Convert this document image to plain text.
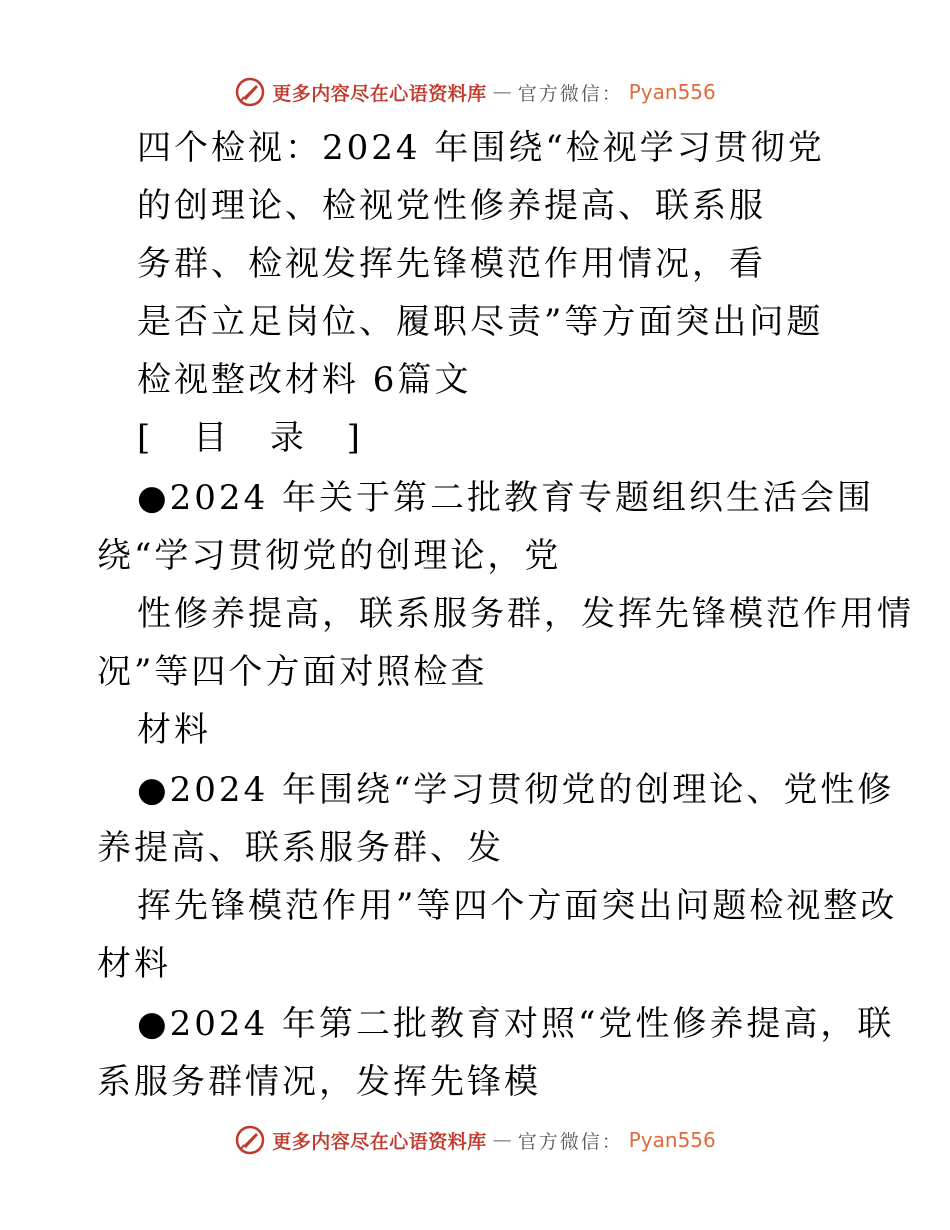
更多内容尽在心语资料库 — 官方微信： Pyan556
四个检视：2024 年围绕“检视学习贯彻党
的创理论、检视党性修养提高、联系服
务群、检视发挥先锋模范作用情况，看
是否立足岗位、履职尽责”等方面突出问题
检视整改材料 6篇文
[ 目 录 ]
●2024 年关于第二批教育专题组织生活会围
绕“学习贯彻党的创理论，党
性修养提高，联系服务群，发挥先锋模范作用情
况”等四个方面对照检查
材料
●2024 年围绕“学习贯彻党的创理论、党性修
养提高、联系服务群、发
挥先锋模范作用”等四个方面突出问题检视整改
材料
●2024 年第二批教育对照“党性修养提高，联
系服务群情况，发挥先锋模
更多内容尽在心语资料库 — 官方微信： Pyan556
